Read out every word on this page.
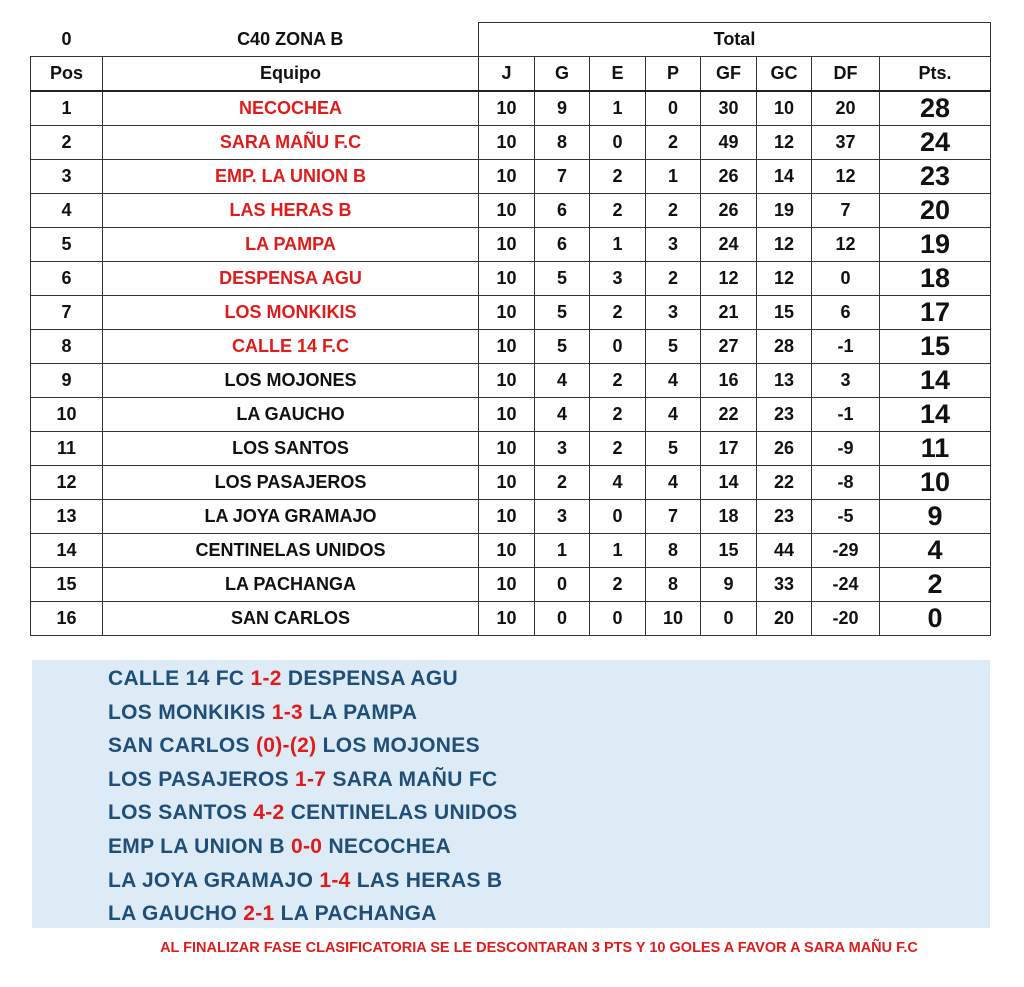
0	C40 ZONA B	Total							
Pos	Equipo	J	G	E	P	GF	GC	DF	Pts.
1	NECOCHEA	10	9	1	0	30	10	20	28
2	SARA MAÑU F.C	10	8	0	2	49	12	37	24
3	EMP. LA UNION B	10	7	2	1	26	14	12	23
4	LAS HERAS B	10	6	2	2	26	19	7	20
5	LA PAMPA	10	6	1	3	24	12	12	19
6	DESPENSA AGU	10	5	3	2	12	12	0	18
7	LOS MONKIKIS	10	5	2	3	21	15	6	17
8	CALLE 14 F.C	10	5	0	5	27	28	-1	15
9	LOS MOJONES	10	4	2	4	16	13	3	14
10	LA GAUCHO	10	4	2	4	22	23	-1	14
11	LOS SANTOS	10	3	2	5	17	26	-9	11
12	LOS PASAJEROS	10	2	4	4	14	22	-8	10
13	LA JOYA GRAMAJO	10	3	0	7	18	23	-5	9
14	CENTINELAS UNIDOS	10	1	1	8	15	44	-29	4
15	LA PACHANGA	10	0	2	8	9	33	-24	2
16	SAN CARLOS	10	0	0	10	0	20	-20	0
CALLE 14 FC 1-2 DESPENSA AGU
LOS MONKIKIS 1-3 LA PAMPA
SAN CARLOS (0)-(2) LOS MOJONES
LOS PASAJEROS 1-7 SARA MAÑU FC
LOS SANTOS 4-2 CENTINELAS UNIDOS
EMP LA UNION B 0-0 NECOCHEA
LA JOYA GRAMAJO 1-4 LAS HERAS B
LA GAUCHO 2-1 LA PACHANGA
AL FINALIZAR FASE CLASIFICATORIA SE LE DESCONTARAN 3 PTS Y 10 GOLES A FAVOR A SARA MAÑU F.C
